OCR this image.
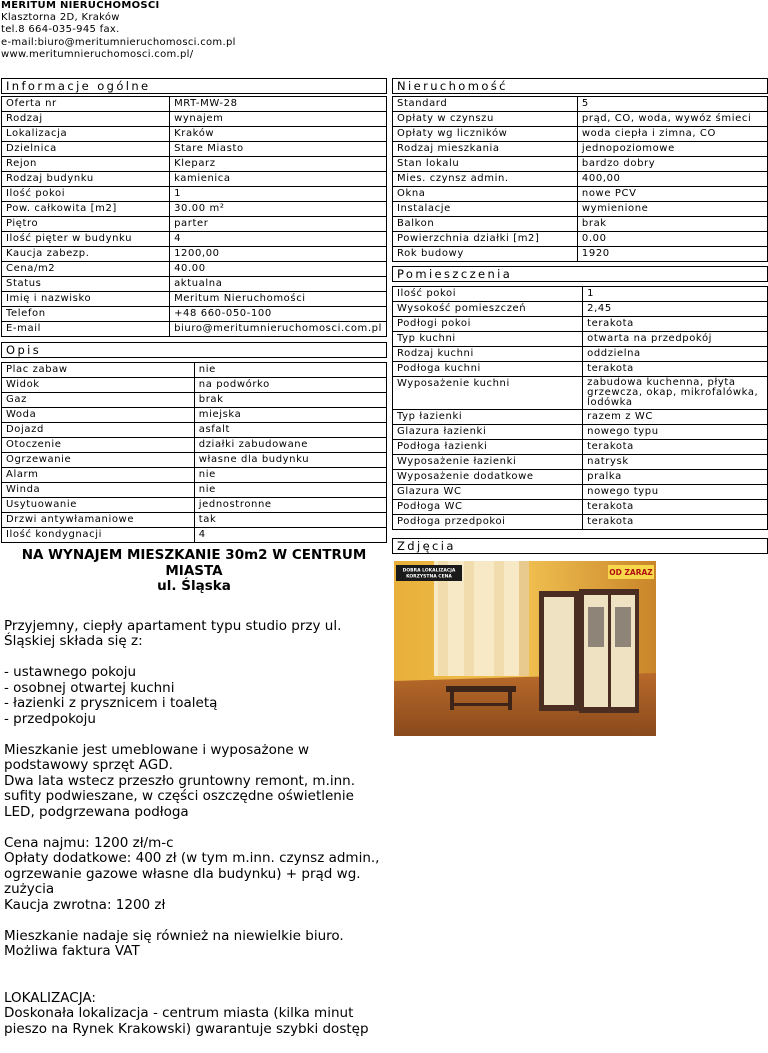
MERITUM NIERUCHOMOŚCI
Klasztorna 2D, Kraków
tel.8 664-035-945 fax.
e-mail:biuro@meritumnieruchomosci.com.pl
www.meritumnieruchomosci.com.pl/
Informacje ogólne
Oferta nr	MRT-MW-28
Rodzaj	wynajem
Lokalizacja	Kraków
Dzielnica	Stare Miasto
Rejon	Kleparz
Rodzaj budynku	kamienica
Ilość pokoi	1
Pow. całkowita [m2]	30.00 m²
Piętro	parter
Ilość pięter w budynku	4
Kaucja zabezp.	1200,00
Cena/m2	40.00
Status	aktualna
Imię i nazwisko	Meritum Nieruchomości
Telefon	+48 660-050-100
E-mail	biuro@meritumnieruchomosci.com.pl
Opis
Plac zabaw	nie
Widok	na podwórko
Gaz	brak
Woda	miejska
Dojazd	asfalt
Otoczenie	działki zabudowane
Ogrzewanie	własne dla budynku
Alarm	nie
Winda	nie
Usytuowanie	jednostronne
Drzwi antywłamaniowe	tak
Ilość kondygnacji	4
Nieruchomość
Standard	5
Opłaty w czynszu	prąd, CO, woda, wywóz śmieci
Opłaty wg liczników	woda ciepła i zimna, CO
Rodzaj mieszkania	jednopoziomowe
Stan lokalu	bardzo dobry
Mies. czynsz admin.	400,00
Okna	nowe PCV
Instalacje	wymienione
Balkon	brak
Powierzchnia działki [m2]	0.00
Rok budowy	1920
Pomieszczenia
Ilość pokoi	1
Wysokość pomieszczeń	2,45
Podłogi pokoi	terakota
Typ kuchni	otwarta na przedpokój
Rodzaj kuchni	oddzielna
Podłoga kuchni	terakota
Wyposażenie kuchni	zabudowa kuchenna, płyta grzewcza, okap, mikrofalówka, lodówka
Typ łazienki	razem z WC
Glazura łazienki	nowego typu
Podłoga łazienki	terakota
Wyposażenie łazienki	natrysk
Wyposażenie dodatkowe	pralka
Glazura WC	nowego typu
Podłoga WC	terakota
Podłoga przedpokoi	terakota
Zdjęcia
DOBRA LOKALIZACJA
KORZYSTNA CENA	OD ZARAZ
NA WYNAJEM MIESZKANIE 30m2 W CENTRUM MIASTA
ul. Śląska

Przyjemny, ciepły apartament typu studio przy ul. Śląskiej składa się z:

- ustawnego pokoju
- osobnej otwartej kuchni
- łazienki z prysznicem i toaletą
- przedpokoju

Mieszkanie jest umeblowane i wyposażone w podstawowy sprzęt AGD.
Dwa lata wstecz przeszło gruntowny remont, m.inn. sufity podwieszane, w części oszczędne oświetlenie LED, podgrzewana podłoga

Cena najmu: 1200 zł/m-c
Opłaty dodatkowe: 400 zł (w tym m.inn. czynsz admin., ogrzewanie gazowe własne dla budynku) + prąd wg. zużycia
Kaucja zwrotna: 1200 zł

Mieszkanie nadaje się również na niewielkie biuro.
Możliwa faktura VAT

LOKALIZACJA:
Doskonała lokalizacja - centrum miasta (kilka minut pieszo na Rynek Krakowski) gwarantuje szybki dostęp
